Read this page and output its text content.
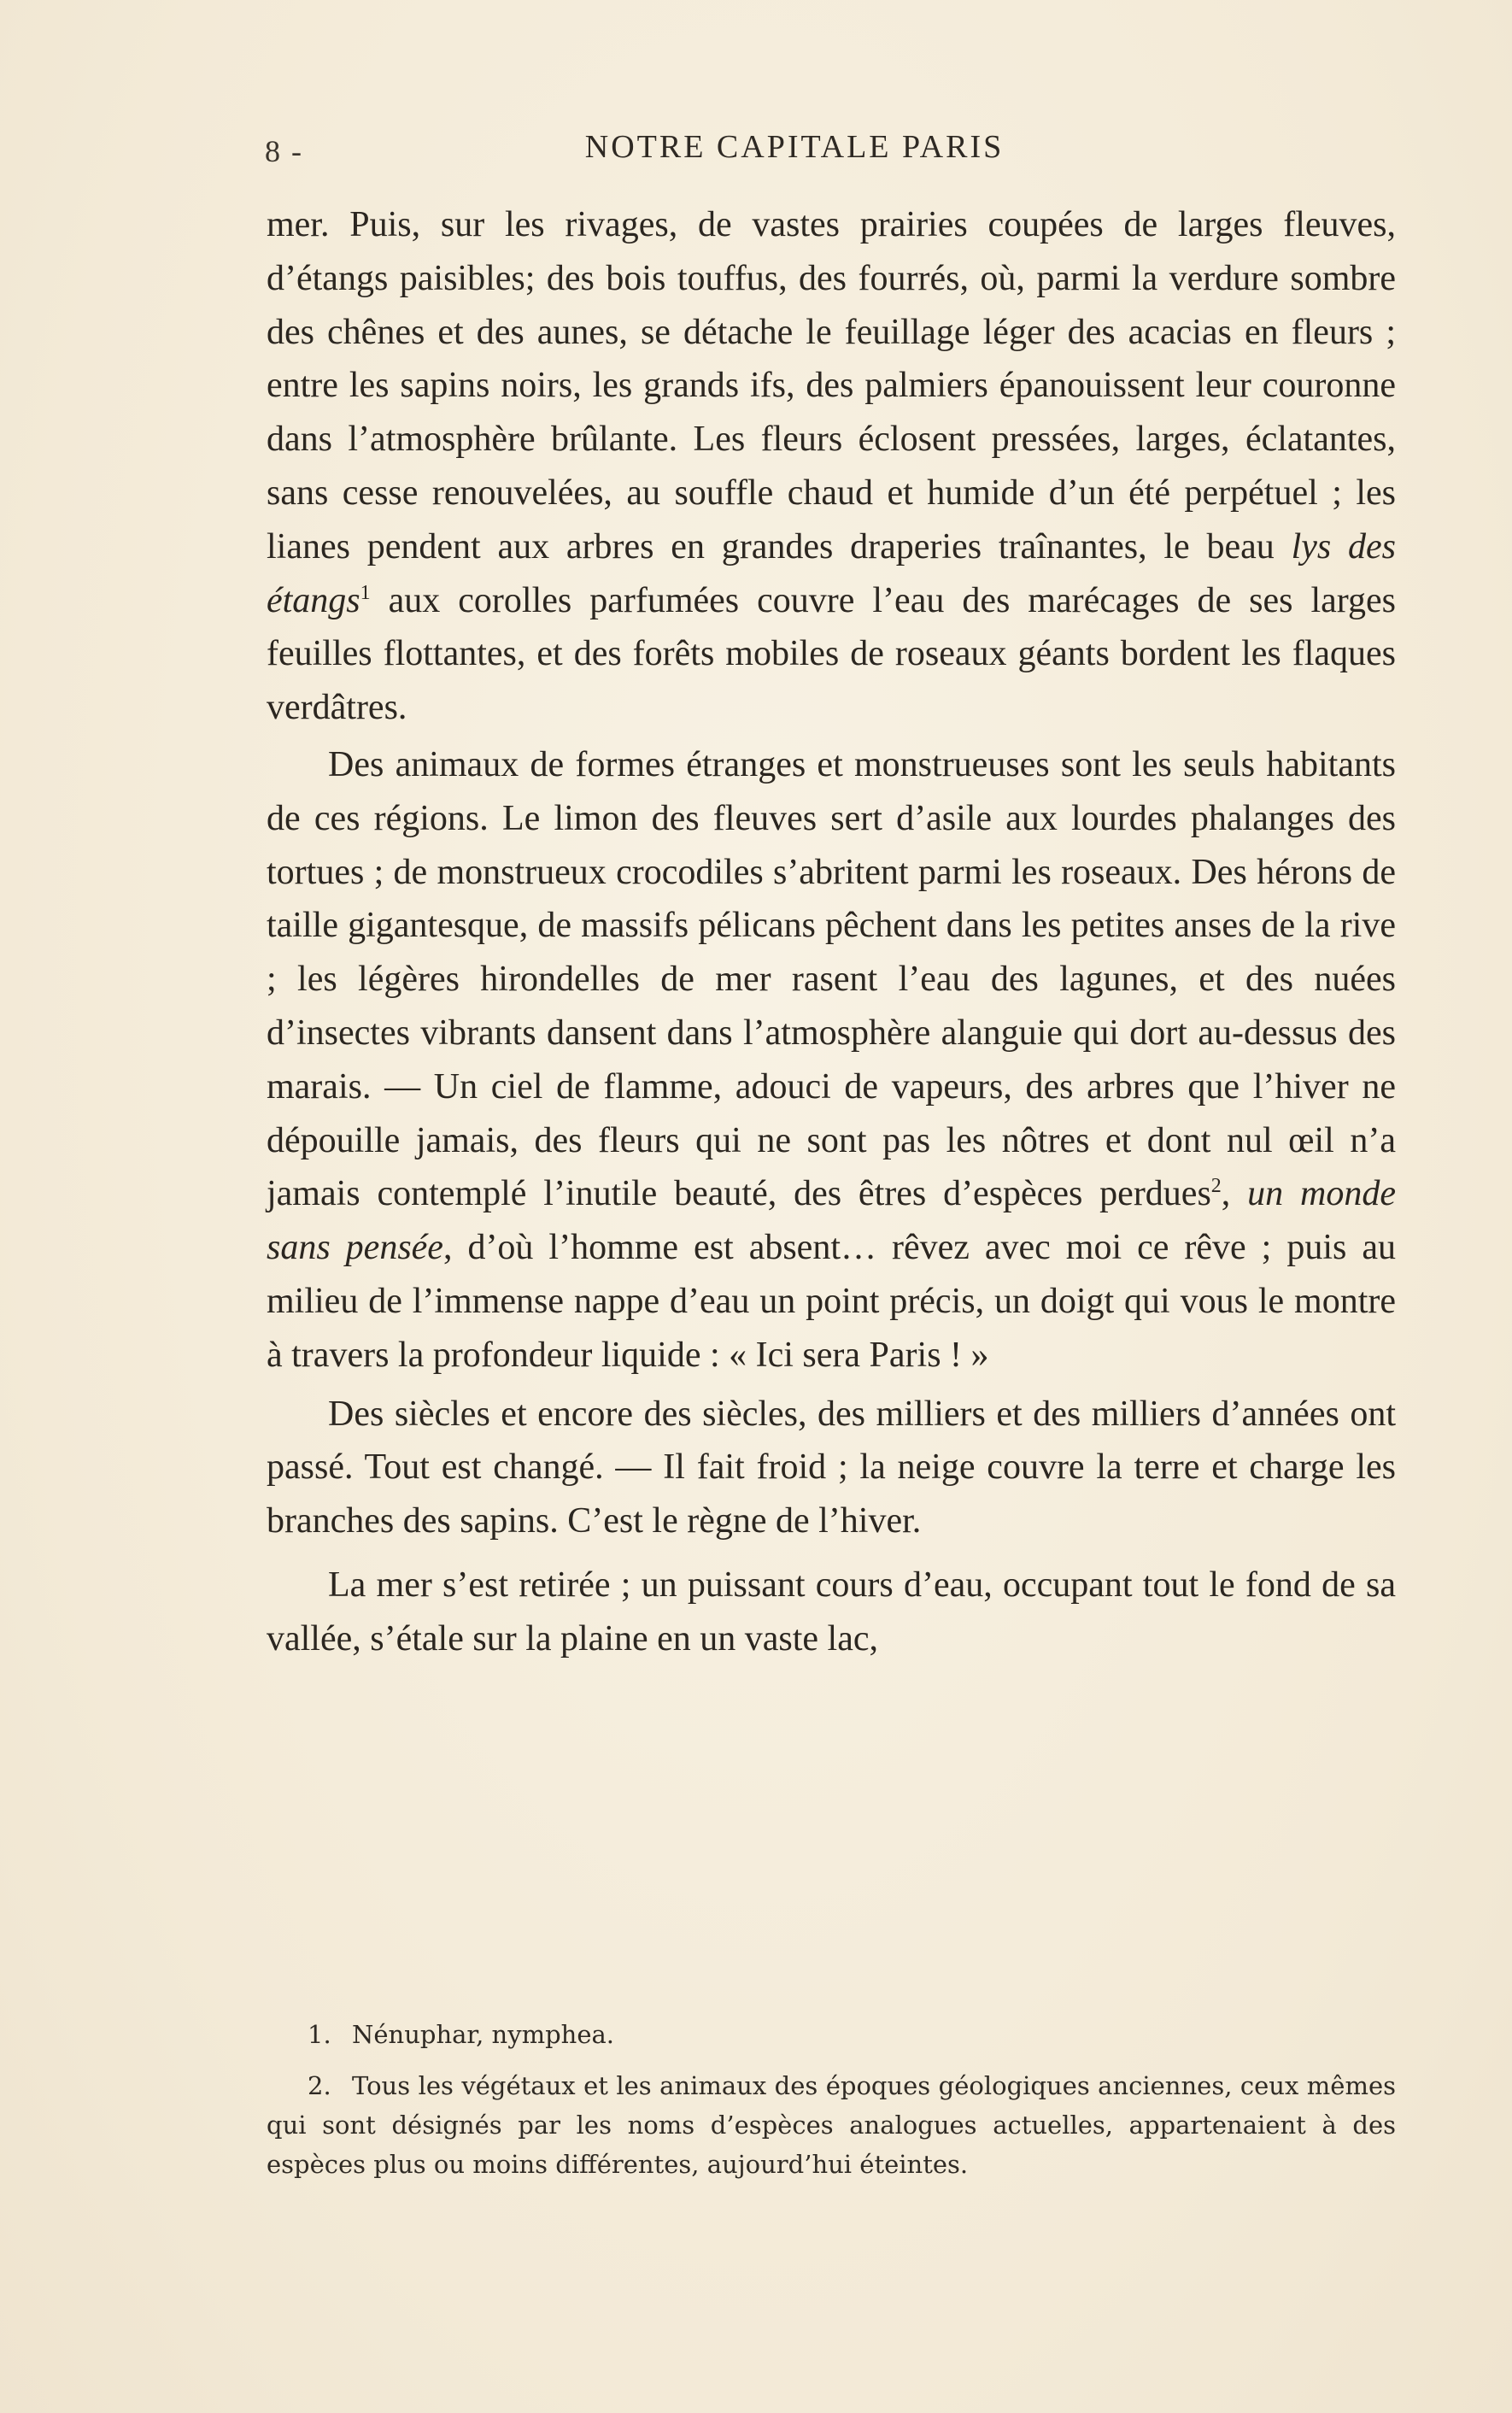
8 -	NOTRE CAPITALE PARIS

mer. Puis, sur les rivages, de vastes prairies coupées de larges fleuves, d’étangs paisibles; des bois touffus, des fourrés, où, parmi la verdure sombre des chênes et des aunes, se détache le feuillage léger des acacias en fleurs ; entre les sapins noirs, les grands ifs, des palmiers épanouissent leur couronne dans l’atmosphère brûlante. Les fleurs éclosent pressées, larges, éclatantes, sans cesse renouvelées, au souffle chaud et humide d’un été perpétuel ; les lianes pendent aux arbres en grandes draperies traînantes, le beau lys des étangs$^1$ aux corolles parfumées couvre l’eau des marécages de ses larges feuilles flottantes, et des forêts mobiles de roseaux géants bordent les flaques verdâtres.

Des animaux de formes étranges et monstrueuses sont les seuls habitants de ces régions. Le limon des fleuves sert d’asile aux lourdes phalanges des tortues ; de monstrueux crocodiles s’abritent parmi les roseaux. Des hérons de taille gigantesque, de massifs pélicans pêchent dans les petites anses de la rive ; les légères hirondelles de mer rasent l’eau des lagunes, et des nuées d’insectes vibrants dansent dans l’atmosphère alanguie qui dort au-dessus des marais. — Un ciel de flamme, adouci de vapeurs, des arbres que l’hiver ne dépouille jamais, des fleurs qui ne sont pas les nôtres et dont nul œil n’a jamais contemplé l’inutile beauté, des êtres d’espèces perdues$^2$, un monde sans pensée, d’où l’homme est absent… rêvez avec moi ce rêve ; puis au milieu de l’immense nappe d’eau un point précis, un doigt qui vous le montre à travers la profondeur liquide : « Ici sera Paris ! »

Des siècles et encore des siècles, des milliers et des milliers d’années ont passé. Tout est changé. — Il fait froid ; la neige couvre la terre et charge les branches des sapins. C’est le règne de l’hiver.

La mer s’est retirée ; un puissant cours d’eau, occupant tout le fond de sa vallée, s’étale sur la plaine en un vaste lac,

1. Nénuphar, nymphea.

2. Tous les végétaux et les animaux des époques géologiques anciennes, ceux mêmes qui sont désignés par les noms d’espèces analogues actuelles, appartenaient à des espèces plus ou moins différentes, aujourd’hui éteintes.
